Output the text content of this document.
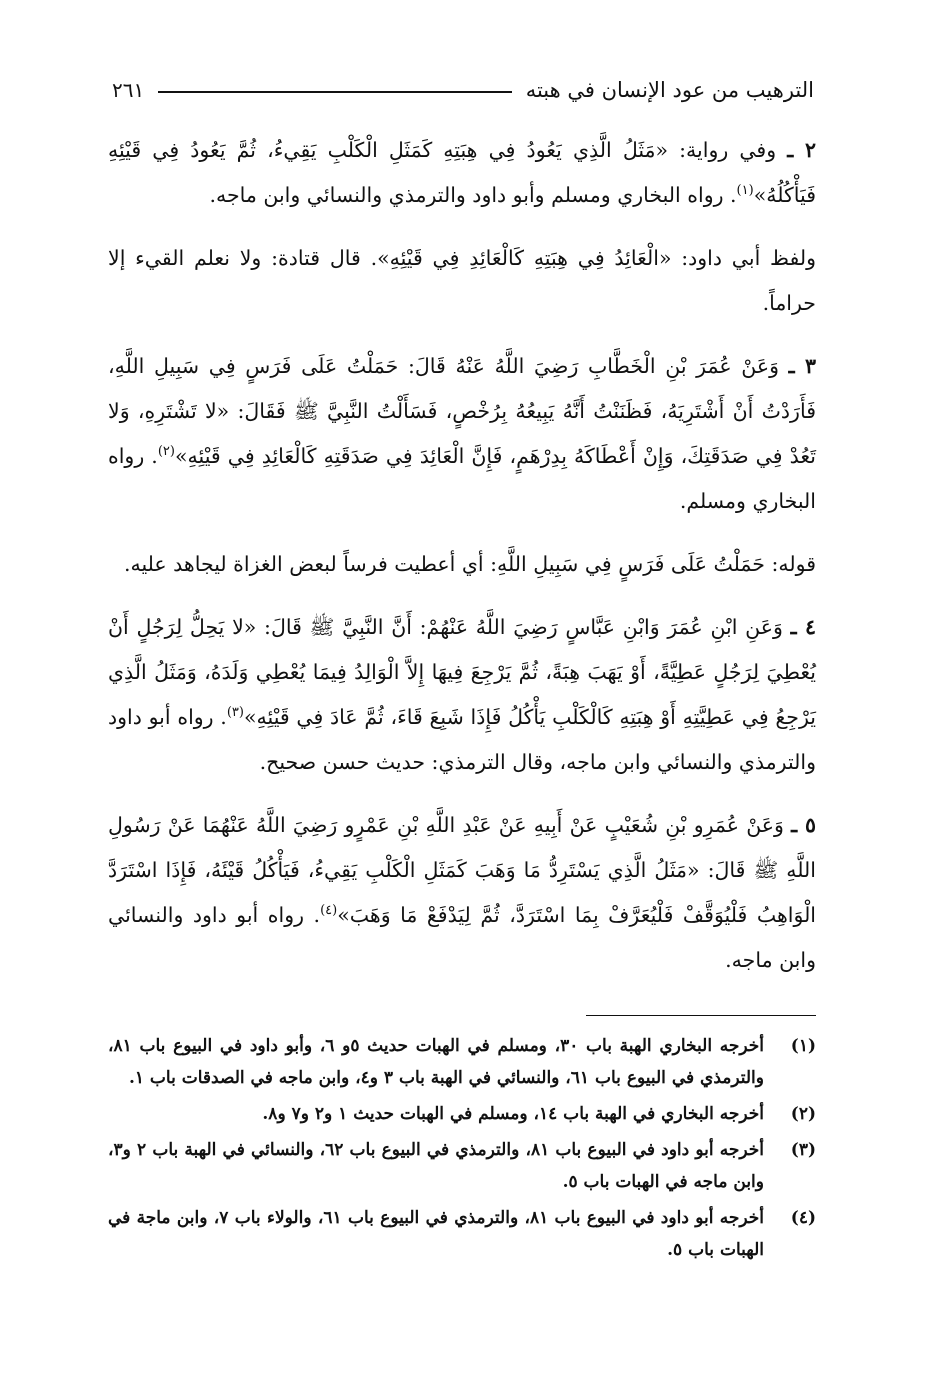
الترهيب من عود الإنسان في هبته
٢٦١

٢ ـ وفي رواية: «مَثَلُ الَّذِي يَعُودُ فِي هِبَتِهِ كَمَثَلِ الْكَلْبِ يَقِيءُ، ثُمَّ يَعُودُ فِي قَيْئِهِ فَيَأْكُلُهُ»$^{(١)}$. رواه البخاري ومسلم وأبو داود والترمذي والنسائي وابن ماجه.

ولفظ أبي داود: «الْعَائِدُ فِي هِبَتِهِ كَالْعَائِدِ فِي قَيْئِهِ». قال قتادة: ولا نعلم القيء إلا حراماً.

٣ ـ وَعَنْ عُمَرَ بْنِ الْخَطَّابِ رَضِيَ اللَّهُ عَنْهُ قَالَ: حَمَلْتُ عَلَى فَرَسٍ فِي سَبِيلِ اللَّهِ، فَأَرَدْتُ أَنْ أَشْتَرِيَهُ، فَظَنَنْتُ أَنَّهُ يَبِيعُهُ بِرُخْصٍ، فَسَأَلْتُ النَّبِيَّ ﷺ فَقَالَ: «لا تَشْتَرِهِ، وَلا تَعُدْ فِي صَدَقَتِكَ، وَإِنْ أَعْطَاكَهُ بِدِرْهَمٍ، فَإِنَّ الْعَائِدَ فِي صَدَقَتِهِ كَالْعَائِدِ فِي قَيْئِهِ»$^{(٢)}$. رواه البخاري ومسلم.

قوله: حَمَلْتُ عَلَى فَرَسٍ فِي سَبِيلِ اللَّهِ: أي أعطيت فرساً لبعض الغزاة ليجاهد عليه.

٤ ـ وَعَنِ ابْنِ عُمَرَ وَابْنِ عَبَّاسٍ رَضِيَ اللَّهُ عَنْهُمْ: أَنَّ النَّبِيَّ ﷺ قَالَ: «لا يَحِلُّ لِرَجُلٍ أَنْ يُعْطِيَ لِرَجُلٍ عَطِيَّةً، أَوْ يَهَبَ هِبَةً، ثُمَّ يَرْجِعَ فِيهَا إِلاَّ الْوَالِدُ فِيمَا يُعْطِي وَلَدَهُ، وَمَثَلُ الَّذِي يَرْجِعُ فِي عَطِيَّتِهِ أَوْ هِبَتِهِ كَالْكَلْبِ يَأْكُلُ فَإِذَا شَبِعَ قَاءَ، ثُمَّ عَادَ فِي قَيْئِهِ»$^{(٣)}$. رواه أبو داود والترمذي والنسائي وابن ماجه، وقال الترمذي: حديث حسن صحيح.

٥ ـ وَعَنْ عُمَرِو بْنِ شُعَيْبٍ عَنْ أَبِيهِ عَنْ عَبْدِ اللَّهِ بْنِ عَمْرٍو رَضِيَ اللَّهُ عَنْهُمَا عَنْ رَسُولِ اللَّهِ ﷺ قَالَ: «مَثَلُ الَّذِي يَسْتَرِدُّ مَا وَهَبَ كَمَثَلِ الْكَلْبِ يَقِيءُ، فَيَأْكُلُ قَيْئَهُ، فَإِذَا اسْتَرَدَّ الْوَاهِبُ فَلْيُوَقَّفْ فَلْيُعَرَّفْ بِمَا اسْتَرَدَّ، ثُمَّ لِيَدْفَعْ مَا وَهَبَ»$^{(٤)}$. رواه أبو داود والنسائي وابن ماجه.

(١)
أخرجه البخاري الهبة باب ٣٠، ومسلم في الهبات حديث ٥و ٦، وأبو داود في البيوع باب ٨١، والترمذي في البيوع باب ٦١، والنسائي في الهبة باب ٣ و٤، وابن ماجه في الصدقات باب ١.
(٢)
أخرجه البخاري في الهبة باب ١٤، ومسلم في الهبات حديث ١ و٢ و٧ و٨.
(٣)
أخرجه أبو داود في البيوع باب ٨١، والترمذي في البيوع باب ٦٢، والنسائي في الهبة باب ٢ و٣، وابن ماجه في الهبات باب ٥.
(٤)
أخرجه أبو داود في البيوع باب ٨١، والترمذي في البيوع باب ٦١، والولاء باب ٧، وابن ماجة في الهبات باب ٥.
